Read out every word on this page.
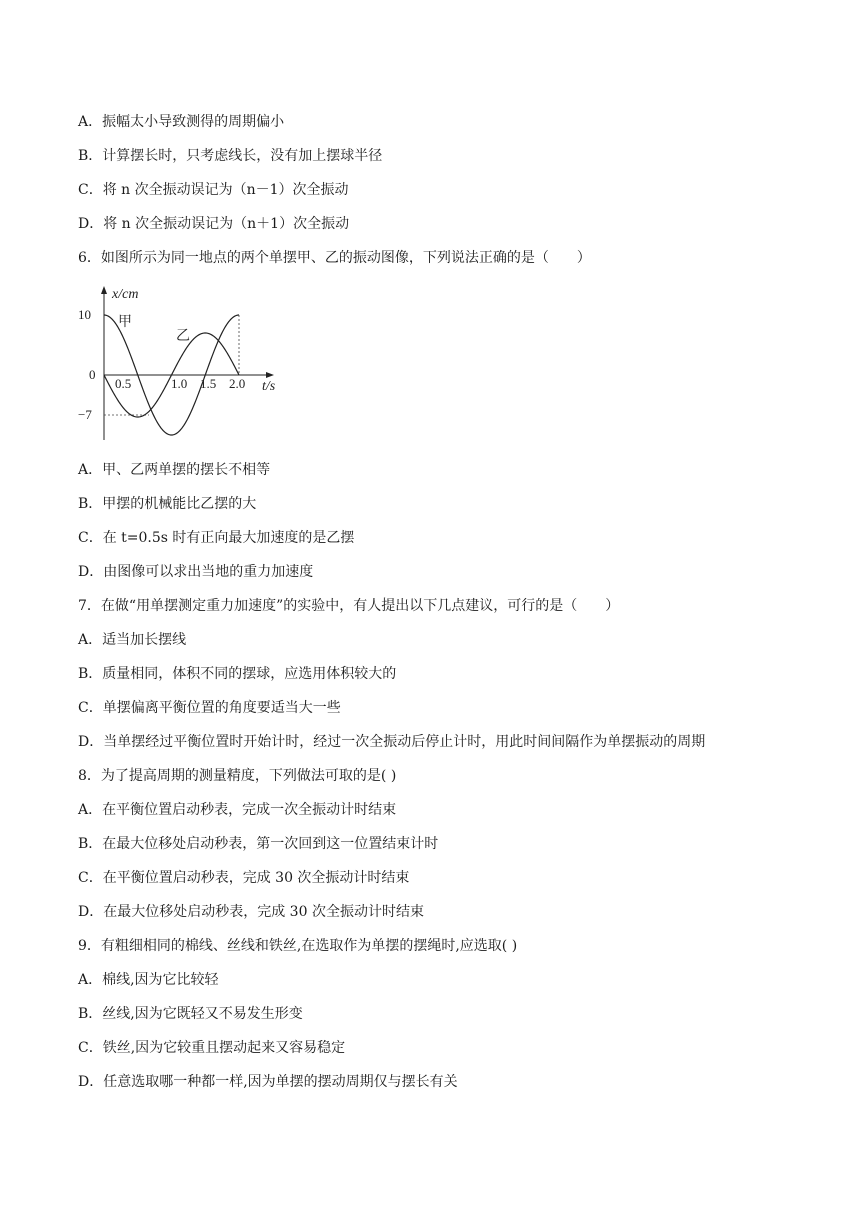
A．振幅太小导致测得的周期偏小
B．计算摆长时，只考虑线长，没有加上摆球半径
C．将 n 次全振动误记为（n－1）次全振动
D．将 n 次全振动误记为（n＋1）次全振动
6．如图所示为同一地点的两个单摆甲、乙的振动图像，下列说法正确的是（　　）
x/cm
t/s
0
10
−7
0.5	1.0 1.5 2.0
甲
乙
A．甲、乙两单摆的摆长不相等
B．甲摆的机械能比乙摆的大
C．在 t=0.5s 时有正向最大加速度的是乙摆
D．由图像可以求出当地的重力加速度
7．在做“用单摆测定重力加速度”的实验中，有人提出以下几点建议，可行的是（　　）
A．适当加长摆线
B．质量相同，体积不同的摆球，应选用体积较大的
C．单摆偏离平衡位置的角度要适当大一些
D．当单摆经过平衡位置时开始计时，经过一次全振动后停止计时，用此时间间隔作为单摆振动的周期
8．为了提高周期的测量精度，下列做法可取的是( )
A．在平衡位置启动秒表，完成一次全振动计时结束
B．在最大位移处启动秒表，第一次回到这一位置结束计时
C．在平衡位置启动秒表，完成 30 次全振动计时结束
D．在最大位移处启动秒表，完成 30 次全振动计时结束
9．有粗细相同的棉线、丝线和铁丝,在选取作为单摆的摆绳时,应选取( )
A．棉线,因为它比较轻
B．丝线,因为它既轻又不易发生形变
C．铁丝,因为它较重且摆动起来又容易稳定
D．任意选取哪一种都一样,因为单摆的摆动周期仅与摆长有关
